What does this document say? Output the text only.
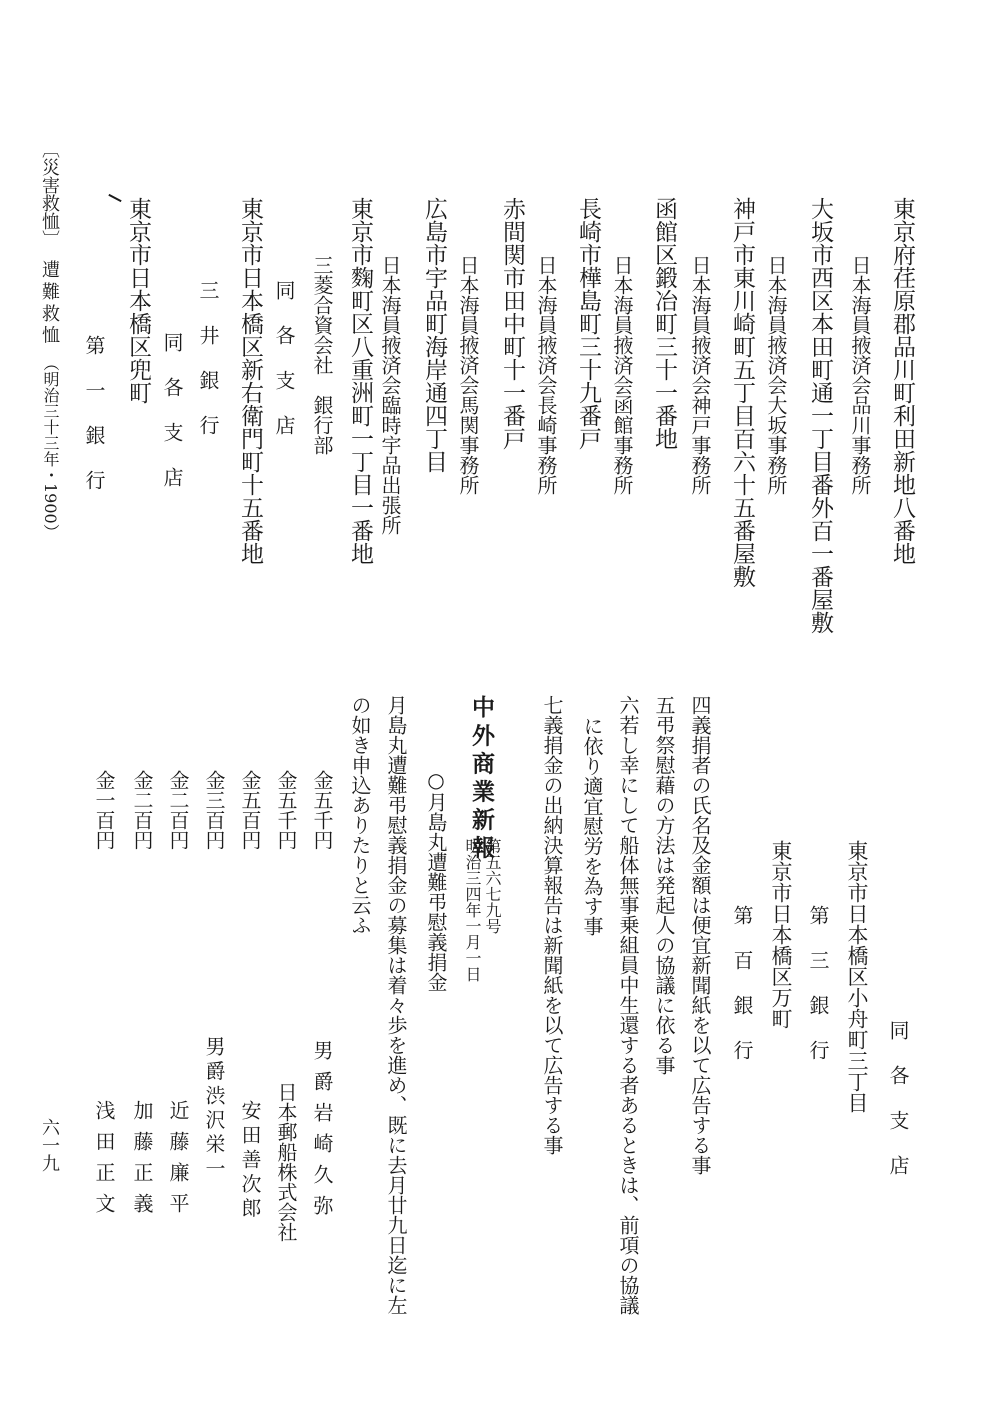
東京府荏原郡品川町利田新地八番地
日本海員掖済会品川事務所
大坂市西区本田町通一丁目番外百一番屋敷
日本海員掖済会大坂事務所
神戸市東川崎町五丁目百六十五番屋敷
日本海員掖済会神戸事務所
函館区鍛冶町三十一番地
日本海員掖済会函館事務所
長崎市樺島町三十九番戸
日本海員掖済会長崎事務所
赤間関市田中町十一番戸
日本海員掖済会馬関事務所
広島市宇品町海岸通四丁目
日本海員掖済会臨時宇品出張所
東京市麴町区八重洲町一丁目一番地
三菱合資会社　銀行部
同各支店
東京市日本橋区新右衛門町十五番地
三井銀行
同各支店
東京市日本橋区兜町
第一銀行
〔災害救恤〕
遭難救恤
（明治三十三年・1900）
六一九	同各支店
東京市日本橋区小舟町三丁目
第三銀行
東京市日本橋区万町
第百銀行
四義捐者の氏名及金額は便宜新聞紙を以て広告する事
五弔祭慰藉の方法は発起人の協議に依る事
六若し幸にして船体無事乗組員中生還する者あるときは、前項の協議
に依り適宜慰労を為す事
七義捐金の出納決算報告は新聞紙を以て広告する事
中外商業新報
第五六七九号
明治三四年一月一日
○月島丸遭難弔慰義捐金
月島丸遭難弔慰義捐金の募集は着々歩を進め、既に去月廿九日迄に左
の如き申込ありたりと云ふ
金五千円
金五千円
金五百円
金三百円
金二百円
金二百円
金一百円
男爵岩崎久弥
日本郵船株式会社
安田善次郎
男爵渋沢栄一
近藤廉平
加藤正義
浅田正文
